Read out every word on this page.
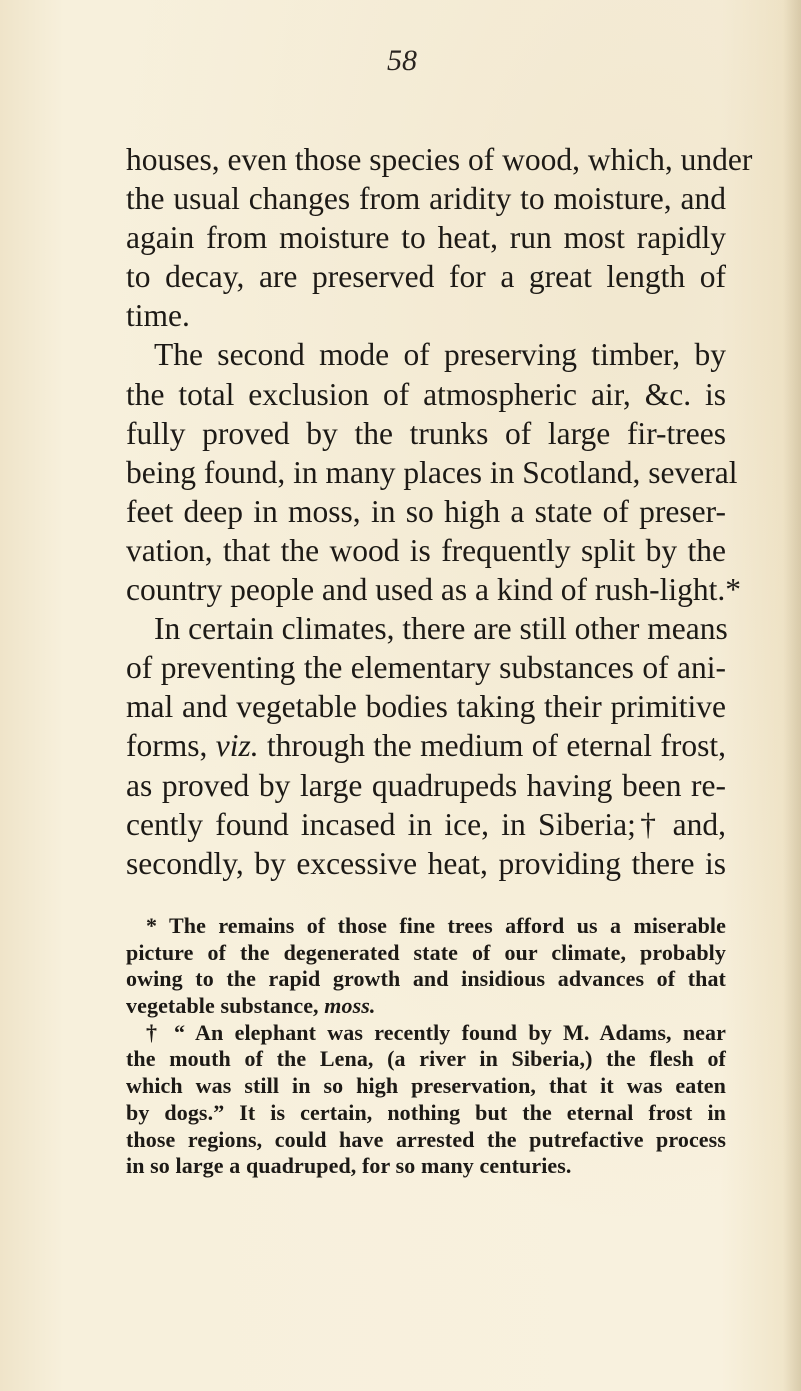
58
houses, even those species of wood, which, under
the usual changes from aridity to moisture, and
again from moisture to heat, run most rapidly
to decay, are preserved for a great length of
time.
The second mode of preserving timber, by
the total exclusion of atmospheric air, &c. is
fully proved by the trunks of large fir-trees
being found, in many places in Scotland, several
feet deep in moss, in so high a state of preser-
vation, that the wood is frequently split by the
country people and used as a kind of rush-light.*
In certain climates, there are still other means
of preventing the elementary substances of ani-
mal and vegetable bodies taking their primitive
forms, viz. through the medium of eternal frost,
as proved by large quadrupeds having been re-
cently found incased in ice, in Siberia;† and,
secondly, by excessive heat, providing there is
* The remains of those fine trees afford us a miserable
picture of the degenerated state of our climate, probably
owing to the rapid growth and insidious advances of that
vegetable substance, moss.
† “ An elephant was recently found by M. Adams, near
the mouth of the Lena, (a river in Siberia,) the flesh of
which was still in so high preservation, that it was eaten
by dogs.” It is certain, nothing but the eternal frost in
those regions, could have arrested the putrefactive process
in so large a quadruped, for so many centuries.
